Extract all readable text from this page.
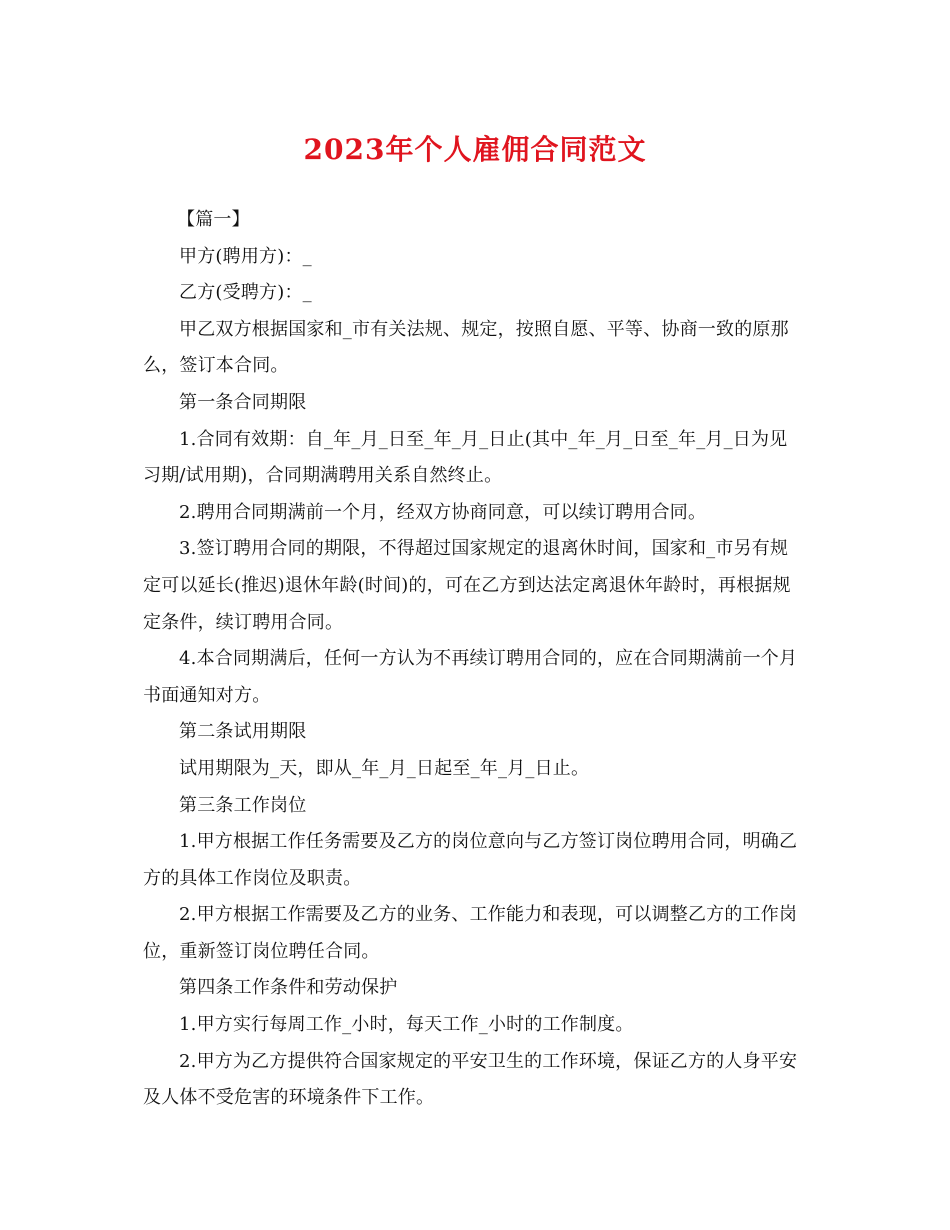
2023年个人雇佣合同范文

【篇一】

甲方(聘用方)：_

乙方(受聘方)：_

甲乙双方根据国家和_市有关法规、规定，按照自愿、平等、协商一致的原那么，签订本合同。

第一条合同期限

1.合同有效期：自_年_月_日至_年_月_日止(其中_年_月_日至_年_月_日为见习期/试用期)，合同期满聘用关系自然终止。

2.聘用合同期满前一个月，经双方协商同意，可以续订聘用合同。

3.签订聘用合同的期限，不得超过国家规定的退离休时间，国家和_市另有规定可以延长(推迟)退休年龄(时间)的，可在乙方到达法定离退休年龄时，再根据规定条件，续订聘用合同。

4.本合同期满后，任何一方认为不再续订聘用合同的，应在合同期满前一个月书面通知对方。

第二条试用期限

试用期限为_天，即从_年_月_日起至_年_月_日止。

第三条工作岗位

1.甲方根据工作任务需要及乙方的岗位意向与乙方签订岗位聘用合同，明确乙方的具体工作岗位及职责。

2.甲方根据工作需要及乙方的业务、工作能力和表现，可以调整乙方的工作岗位，重新签订岗位聘任合同。

第四条工作条件和劳动保护

1.甲方实行每周工作_小时，每天工作_小时的工作制度。

2.甲方为乙方提供符合国家规定的平安卫生的工作环境，保证乙方的人身平安及人体不受危害的环境条件下工作。
